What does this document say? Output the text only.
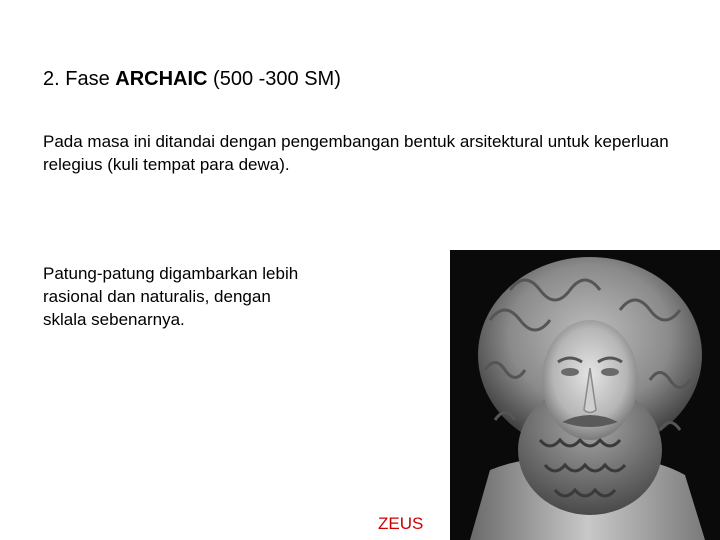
2. Fase ARCHAIC (500 -300 SM)
Pada masa ini ditandai dengan pengembangan bentuk arsitektural untuk keperluan relegius (kuli tempat para dewa).
Patung-patung digambarkan lebih rasional dan naturalis, dengan sklala sebenarnya.
ZEUS
